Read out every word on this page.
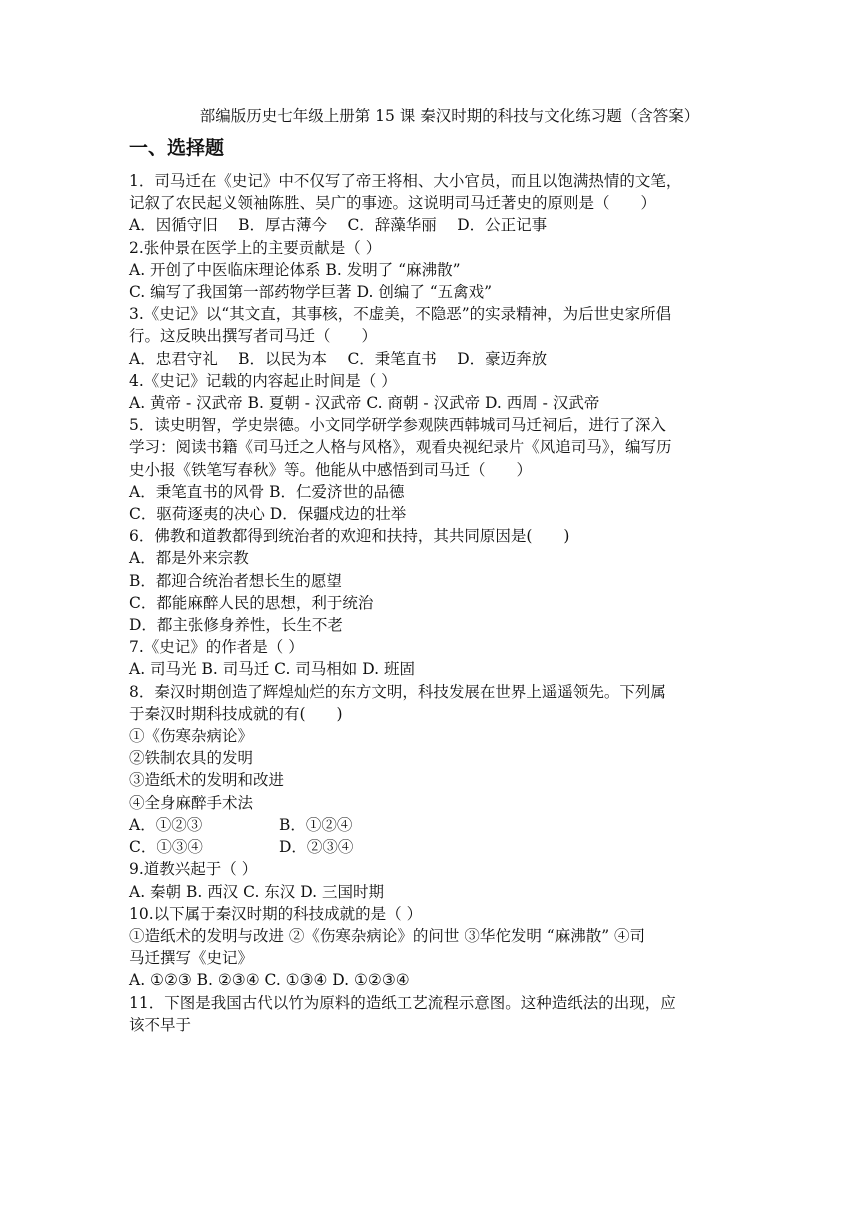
部编版历史七年级上册第 15 课 秦汉时期的科技与文化练习题（含答案）
一、选择题
1．司马迁在《史记》中不仅写了帝王将相、大小官员，而且以饱满热情的文笔，
记叙了农民起义领袖陈胜、吴广的事迹。这说明司马迁著史的原则是（　　）
A．因循守旧　 B．厚古薄今　 C．辞藻华丽　 D．公正记事
2.张仲景在医学上的主要贡献是（ ）
A. 开创了中医临床理论体系 B. 发明了 “麻沸散”
C. 编写了我国第一部药物学巨著 D. 创编了 “五禽戏”
3.《史记》以“其文直，其事核，不虚美，不隐恶”的实录精神，为后世史家所倡
行。这反映出撰写者司马迁（　　）
A．忠君守礼　 B．以民为本　 C．秉笔直书　 D．豪迈奔放
4.《史记》记载的内容起止时间是（ ）
A. 黄帝 - 汉武帝 B. 夏朝 - 汉武帝 C. 商朝 - 汉武帝 D. 西周 - 汉武帝
5．读史明智，学史崇德。小文同学研学参观陕西韩城司马迁祠后，进行了深入
学习：阅读书籍《司马迁之人格与风格》，观看央视纪录片《风追司马》，编写历
史小报《铁笔写春秋》等。他能从中感悟到司马迁（　　）
A．秉笔直书的风骨 B．仁爱济世的品德
C．驱荷逐夷的决心 D．保疆戍边的壮举
6．佛教和道教都得到统治者的欢迎和扶持，其共同原因是(　　)
A．都是外来宗教
B．都迎合统治者想长生的愿望
C．都能麻醉人民的思想，利于统治
D．都主张修身养性，长生不老
7.《史记》的作者是（ ）
A. 司马光 B. 司马迁 C. 司马相如 D. 班固
8．秦汉时期创造了辉煌灿烂的东方文明，科技发展在世界上遥遥领先。下列属
于秦汉时期科技成就的有(　　)
①《伤寒杂病论》
②铁制农具的发明
③造纸术的发明和改进
④全身麻醉手术法
A．①②③	B．①②④
C．①③④	D．②③④
9.道教兴起于（ ）
A. 秦朝 B. 西汉 C. 东汉 D. 三国时期
10.以下属于秦汉时期的科技成就的是（ ）
①造纸术的发明与改进 ②《伤寒杂病论》的问世 ③华佗发明 “麻沸散” ④司
马迁撰写《史记》
A. ①②③ B. ②③④ C. ①③④ D. ①②③④
11．下图是我国古代以竹为原料的造纸工艺流程示意图。这种造纸法的出现，应
该不早于
